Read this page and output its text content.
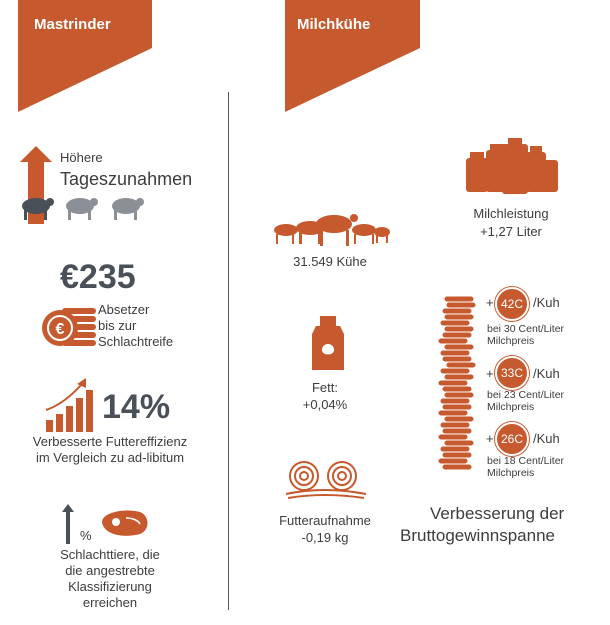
Mastrinder	Milchkühe
Höhere
Tageszunahmen
€235
€
Absetzer
bis zur
Schlachtreife
14%
Verbesserte Futtereffizienz
im Vergleich zu ad-libitum
%
Schlachttiere, die
die angestrebte
Klassifizierung
erreichen
31.549 Kühe
Milchleistung
+1,27 Liter
Fett:
+0,04%
Futteraufnahme
-0,19 kg
+ 42C /Kuh
bei 30 Cent/Liter
Milchpreis
+ 33C /Kuh
bei 23 Cent/Liter
Milchpreis
+ 26C /Kuh
bei 18 Cent/Liter
Milchpreis
Verbesserung der
Bruttogewinnspanne
